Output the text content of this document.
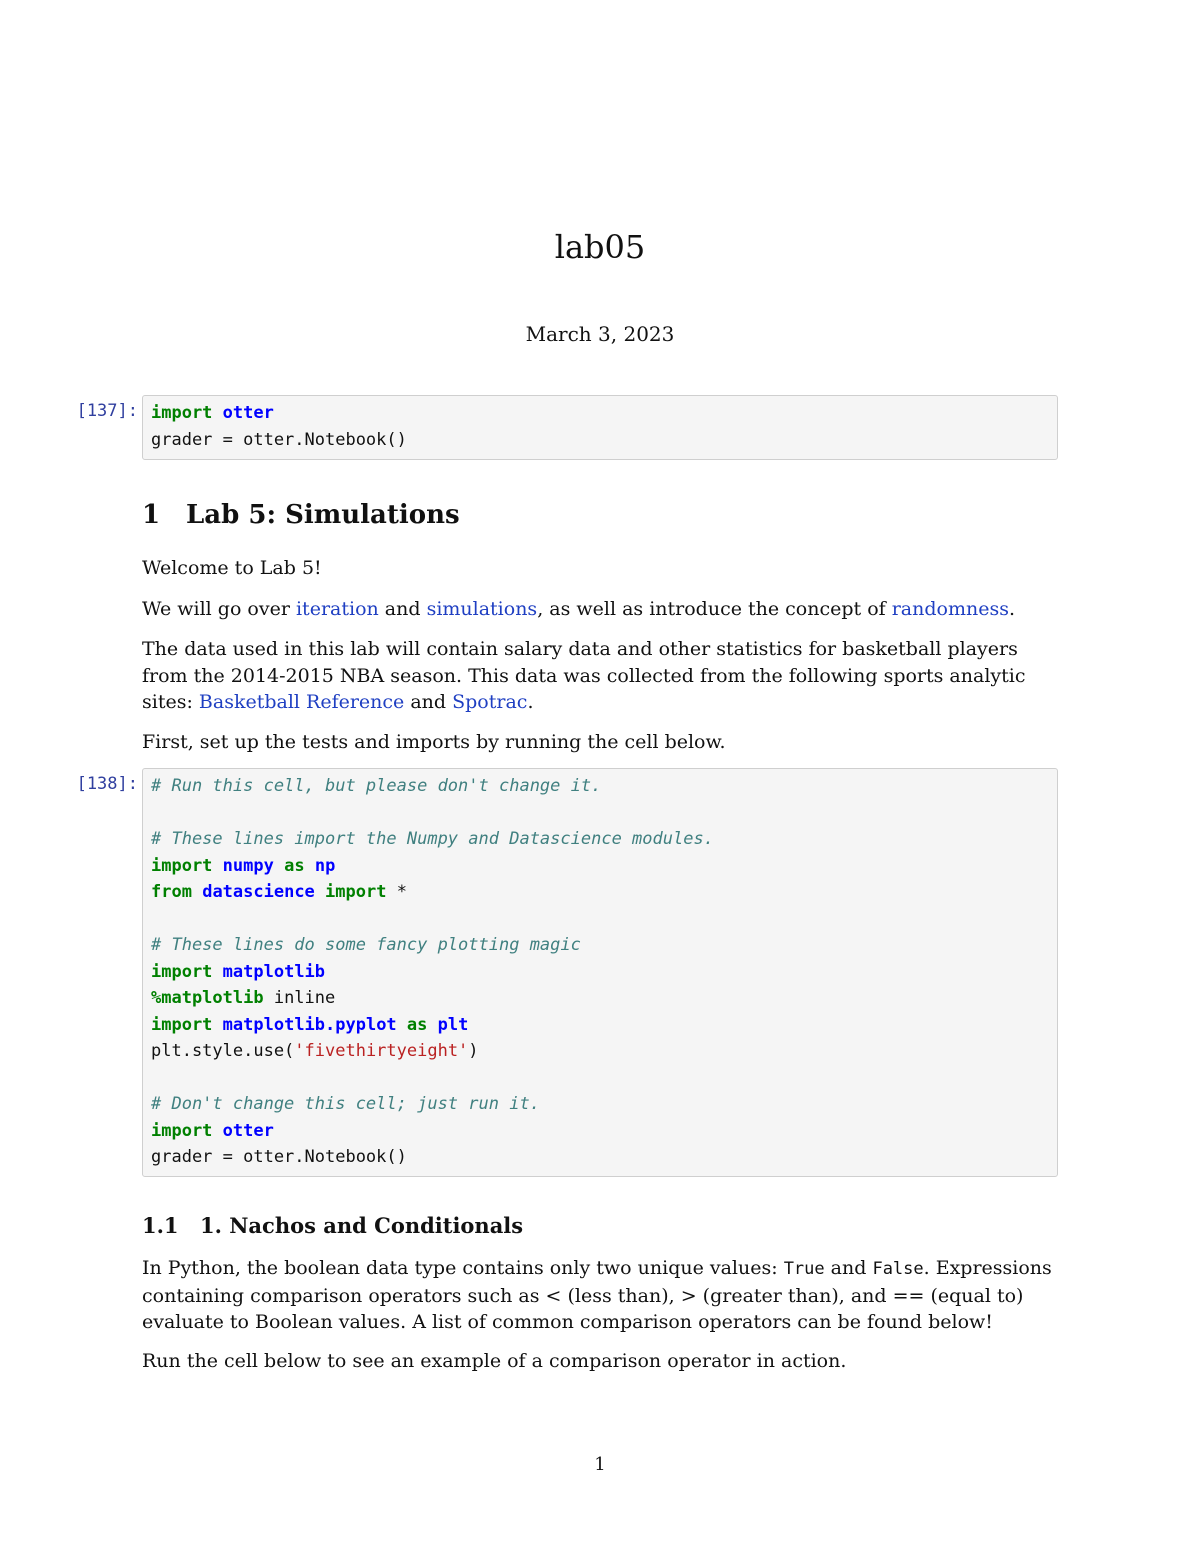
lab05
March 3, 2023
[137]: import otter
grader = otter.Notebook()
1 Lab 5: Simulations
Welcome to Lab 5!
We will go over iteration and simulations, as well as introduce the concept of randomness.
The data used in this lab will contain salary data and other statistics for basketball players from the 2014-2015 NBA season. This data was collected from the following sports analytic sites: Basketball Reference and Spotrac.
First, set up the tests and imports by running the cell below.
[138]: # Run this cell, but please don't change it.

# These lines import the Numpy and Datascience modules.
import numpy as np
from datascience import *

# These lines do some fancy plotting magic
import matplotlib
%matplotlib inline
import matplotlib.pyplot as plt
plt.style.use('fivethirtyeight')

# Don't change this cell; just run it.
import otter
grader = otter.Notebook()
1.1 1. Nachos and Conditionals
In Python, the boolean data type contains only two unique values: True and False. Expressions containing comparison operators such as < (less than), > (greater than), and == (equal to) evaluate to Boolean values. A list of common comparison operators can be found below!
Run the cell below to see an example of a comparison operator in action.
1
